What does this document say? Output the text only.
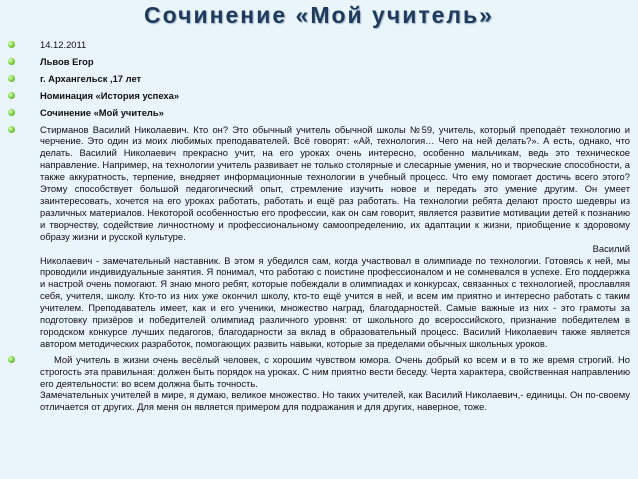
Сочинение «Мой учитель»
14.12.2011
Львов Егор
г. Архангельск ,17 лет
Номинация «История успеха»
Сочинение «Мой учитель»

Стирманов Василий Николаевич. Кто он? Это обычный учитель обычной школы №59, учитель, который преподаёт технологию и черчение. Это один из моих любимых преподавателей. Всё говорят: «Ай, технология… Чего на ней делать?». А есть, однако, что делать. Василий Николаевич прекрасно учит, на его уроках очень интересно, особенно мальчикам, ведь это техническое направление. Например, на технологии учитель развивает не только столярные и слесарные умения, но и творческие способности, а также аккуратность, терпение, внедряет информационные технологии в учебный процесс. Что ему помогает достичь всего этого? Этому способствует большой педагогический опыт, стремление изучить новое и передать это умение другим. Он умеет заинтересовать, хочется на его уроках работать, работать и ещё раз работать. На технологии ребята делают просто шедевры из различных материалов. Некоторой особенностью его профессии, как он сам говорит, является развитие мотивации детей к познанию и творчеству, содействие личностному и профессиональному самоопределению, их адаптации к жизни, приобщение к здоровому образу жизни и русской культуре.

Василий

Николаевич - замечательный наставник. В этом я убедился сам, когда участвовал в олимпиаде по технологии. Готовясь к ней, мы проводили индивидуальные занятия. Я понимал, что работаю с поистине профессионалом и не сомневался в успехе. Его поддержка и настрой очень помогают. Я знаю много ребят, которые побеждали в олимпиадах и конкурсах, связанных с технологией, прославляя себя, учителя, школу. Кто-то из них уже окончил школу, кто-то ещё учится в ней, и всем им приятно и интересно работать с таким учителем. Преподаватель имеет, как и его ученики, множество наград, благодарностей. Самые важные из них - это грамоты за подготовку призёров и победителей олимпиад различного уровня: от школьного до всероссийского, признание победителем в городском конкурсе лучших педагогов, благодарности за вклад в образовательный процесс. Василий Николаевич также является автором методических разработок, помогающих развить навыки, которые за пределами обычных школьных уроков.

Мой учитель в жизни очень весёлый человек, с хорошим чувством юмора. Очень добрый ко всем и в то же время строгий. Но строгость эта правильная: должен быть порядок на уроках. С ним приятно вести беседу. Черта характера, свойственная направлению его деятельности: во всем должна быть точность.

Замечательных учителей в мире, я думаю, великое множество. Но таких учителей, как Василий Николаевич,- единицы. Он по-своему отличается от других. Для меня он является примером для подражания и для других, наверное, тоже.
